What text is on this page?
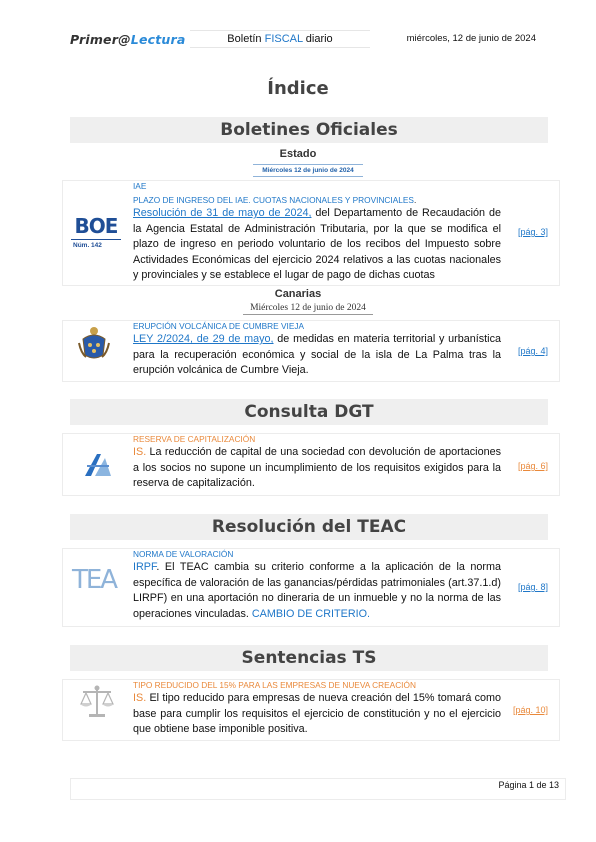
Primer@Lectura	Boletín FISCAL diario	miércoles, 12 de junio de 2024
Índice
Boletines Oficiales
Estado
Miércoles 12 de junio de 2024
BOE
Núm. 142
IAE
PLAZO DE INGRESO DEL IAE. CUOTAS NACIONALES Y PROVINCIALES.
Resolución de 31 de mayo de 2024, del Departamento de Recaudación de la Agencia Estatal de Administración Tributaria, por la que se modifica el plazo de ingreso en periodo voluntario de los recibos del Impuesto sobre Actividades Económicas del ejercicio 2024 relativos a las cuotas nacionales y provinciales y se establece el lugar de pago de dichas cuotas
[pág. 3]
Canarias
Miércoles 12 de junio de 2024
ERUPCIÓN VOLCÁNICA DE CUMBRE VIEJA
LEY 2/2024, de 29 de mayo, de medidas en materia territorial y urbanística para la recuperación económica y social de la isla de La Palma tras la erupción volcánica de Cumbre Vieja.
[pág. 4]
Consulta DGT
RESERVA DE CAPITALIZACIÓN
IS. La reducción de capital de una sociedad con devolución de aportaciones a los socios no supone un incumplimiento de los requisitos exigidos para la reserva de capitalización.
[pág. 6]
Resolución del TEAC
TEA
NORMA DE VALORACIÓN
IRPF. El TEAC cambia su criterio conforme a la aplicación de la norma específica de valoración de las ganancias/pérdidas patrimoniales (art.37.1.d) LIRPF) en una aportación no dineraria de un inmueble y no la norma de las operaciones vinculadas. CAMBIO DE CRITERIO.
[pág. 8]
Sentencias TS
TIPO REDUCIDO DEL 15% PARA LAS EMPRESAS DE NUEVA CREACIÓN
IS. El tipo reducido para empresas de nueva creación del 15% tomará como base para cumplir los requisitos el ejercicio de constitución y no el ejercicio que obtiene base imponible positiva.
[pág. 10]
Página 1 de 13
